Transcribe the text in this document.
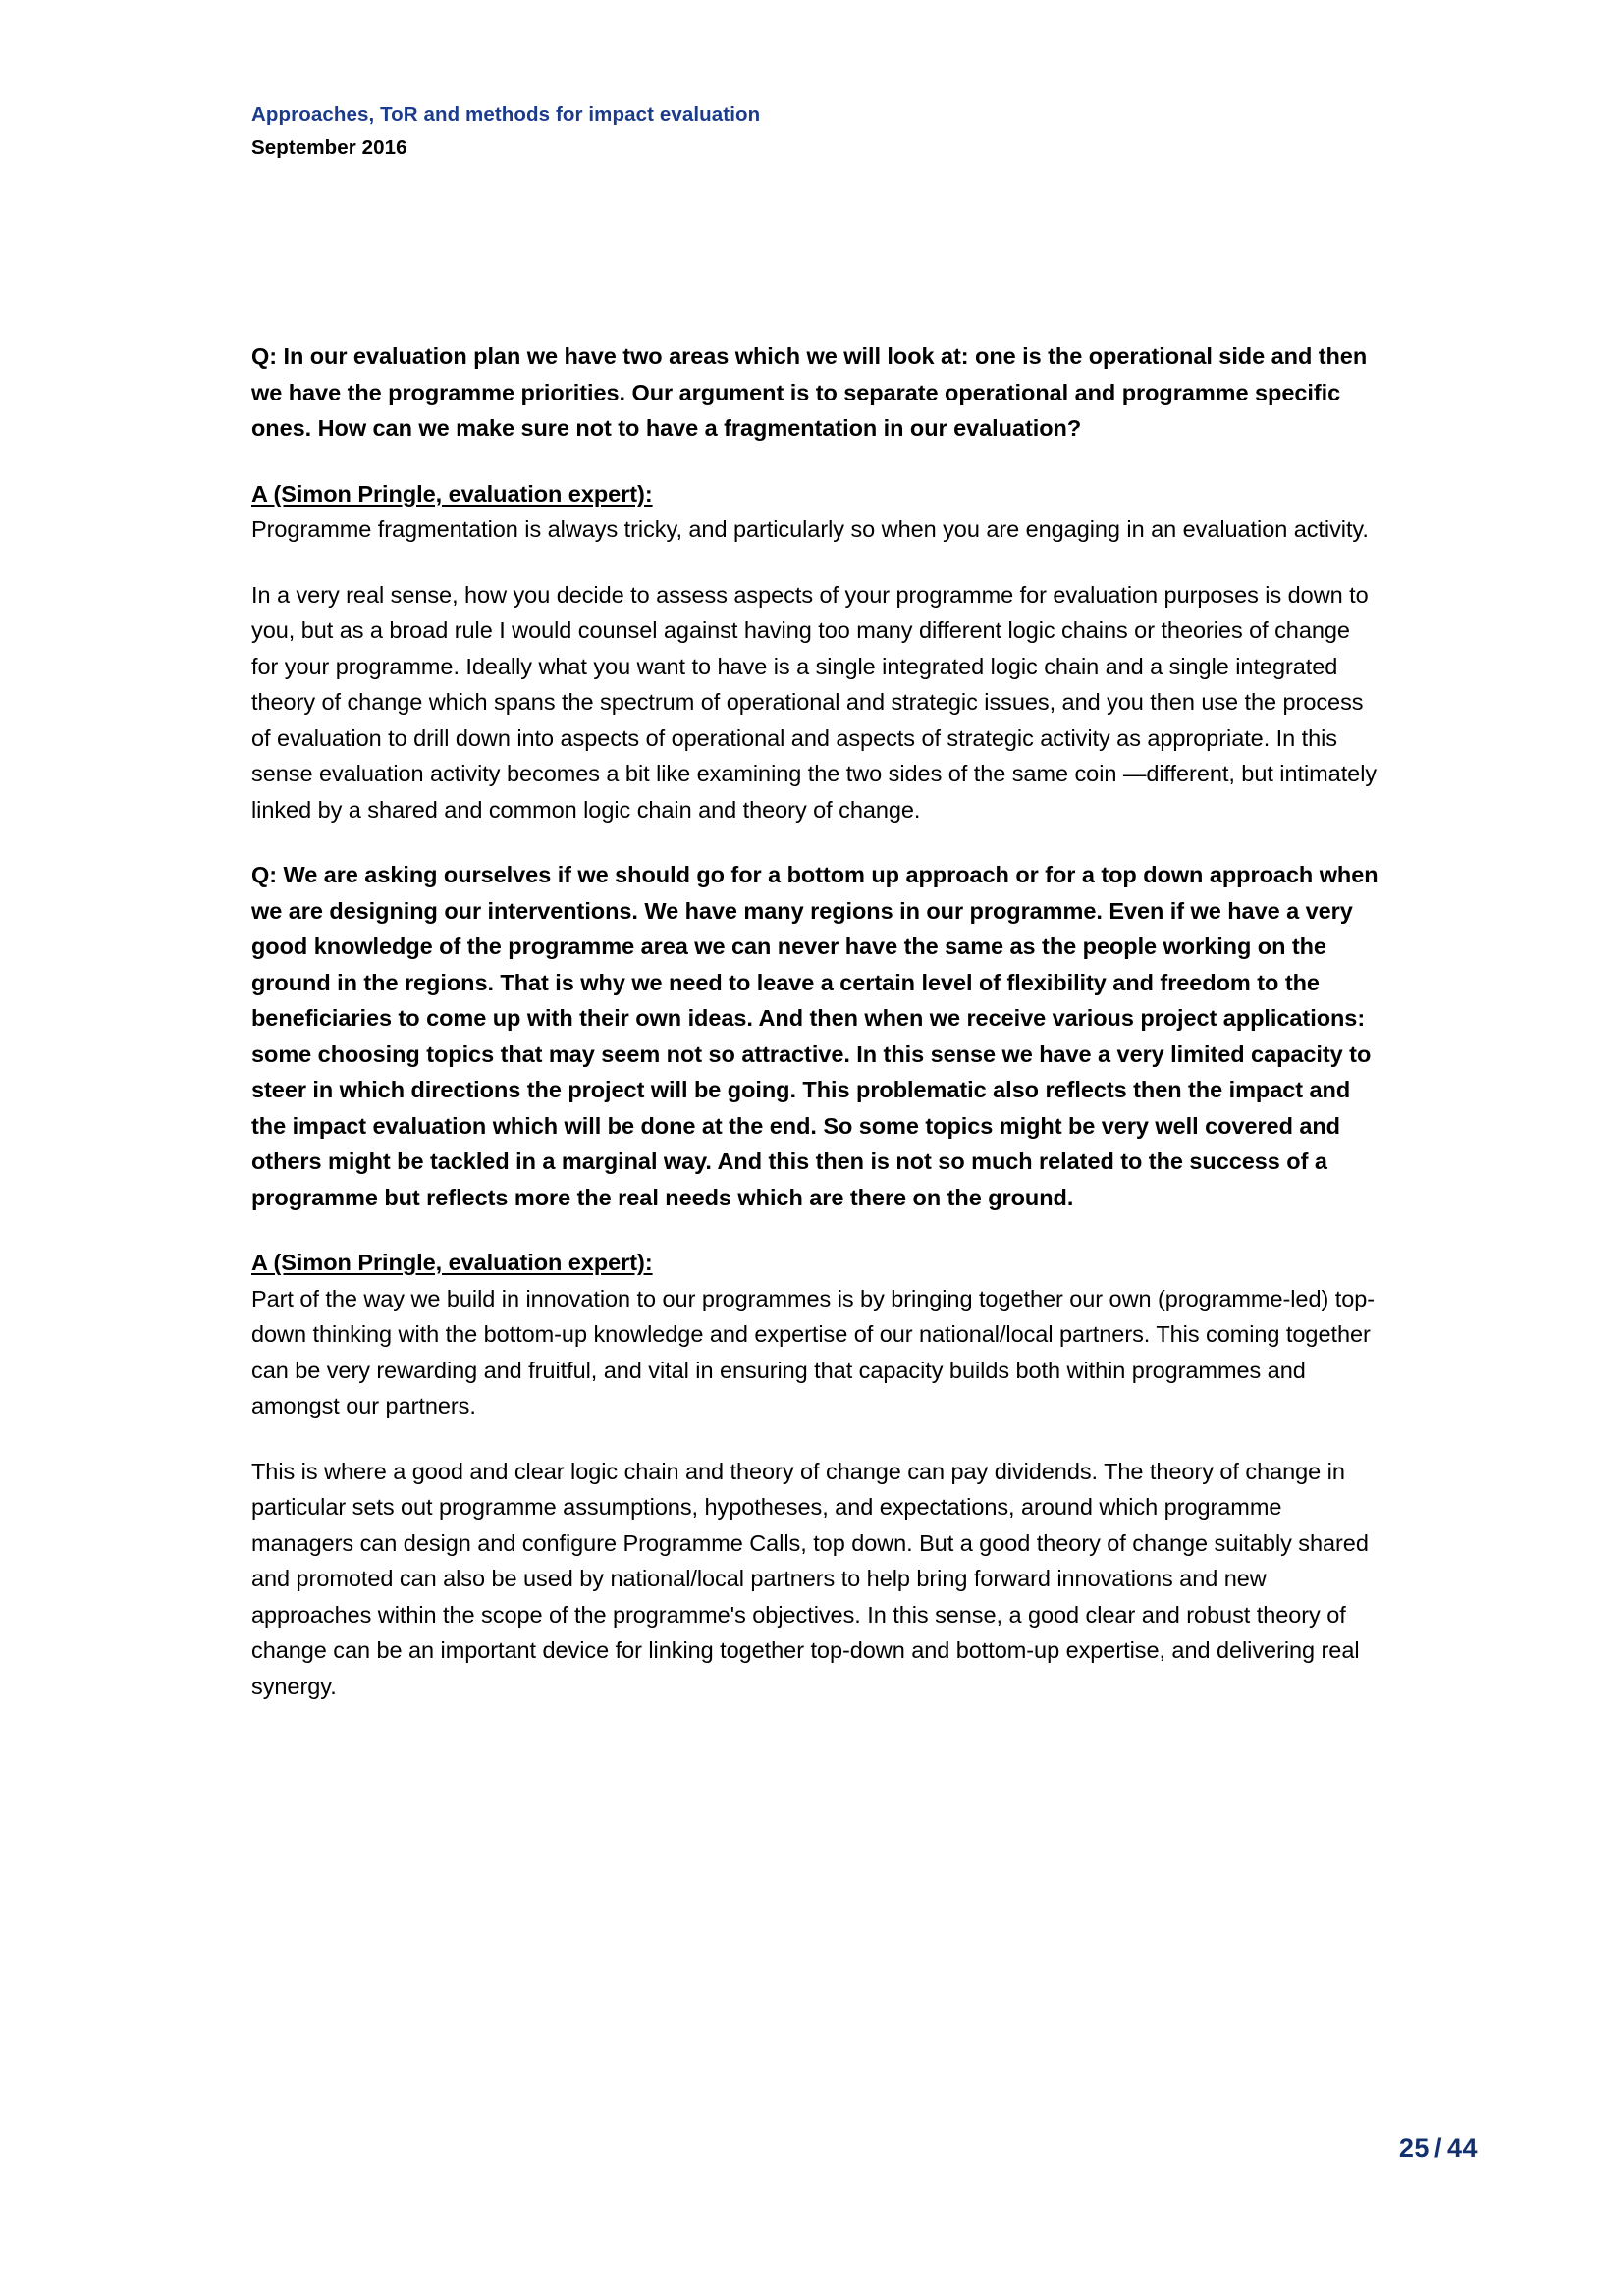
Approaches, ToR and methods for impact evaluation
September 2016

Q: In our evaluation plan we have two areas which we will look at: one is the operational side and then we have the programme priorities. Our argument is to separate operational and programme specific ones. How can we make sure not to have a fragmentation in our evaluation?

A (Simon Pringle, evaluation expert):

Programme fragmentation is always tricky, and particularly so when you are engaging in an evaluation activity.

In a very real sense, how you decide to assess aspects of your programme for evaluation purposes is down to you, but as a broad rule I would counsel against having too many different logic chains or theories of change for your programme. Ideally what you want to have is a single integrated logic chain and a single integrated theory of change which spans the spectrum of operational and strategic issues, and you then use the process of evaluation to drill down into aspects of operational and aspects of strategic activity as appropriate. In this sense evaluation activity becomes a bit like examining the two sides of the same coin —different, but intimately linked by a shared and common logic chain and theory of change.

Q: We are asking ourselves if we should go for a bottom up approach or for a top down approach when we are designing our interventions. We have many regions in our programme. Even if we have a very good knowledge of the programme area we can never have the same as the people working on the ground in the regions. That is why we need to leave a certain level of flexibility and freedom to the beneficiaries to come up with their own ideas. And then when we receive various project applications: some choosing topics that may seem not so attractive. In this sense we have a very limited capacity to steer in which directions the project will be going. This problematic also reflects then the impact and the impact evaluation which will be done at the end. So some topics might be very well covered and others might be tackled in a marginal way. And this then is not so much related to the success of a programme but reflects more the real needs which are there on the ground.

A (Simon Pringle, evaluation expert):

Part of the way we build in innovation to our programmes is by bringing together our own (programme-led) top-down thinking with the bottom-up knowledge and expertise of our national/local partners. This coming together can be very rewarding and fruitful, and vital in ensuring that capacity builds both within programmes and amongst our partners.

This is where a good and clear logic chain and theory of change can pay dividends. The theory of change in particular sets out programme assumptions, hypotheses, and expectations, around which programme managers can design and configure Programme Calls, top down. But a good theory of change suitably shared and promoted can also be used by national/local partners to help bring forward innovations and new approaches within the scope of the programme's objectives. In this sense, a good clear and robust theory of change can be an important device for linking together top-down and bottom-up expertise, and delivering real synergy.

25 / 44
